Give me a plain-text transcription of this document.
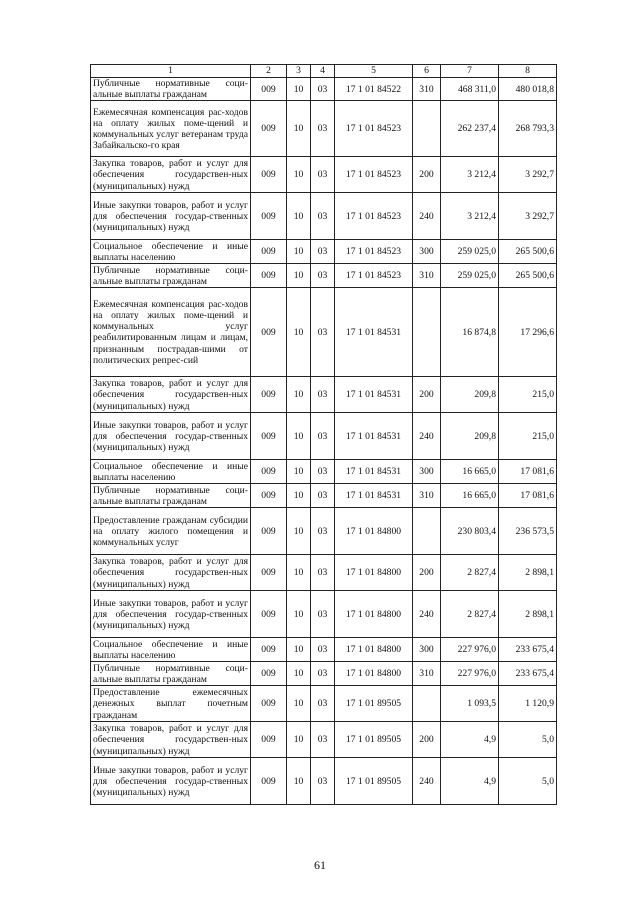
1	2	3	4	5	6	7	8
Публичные нормативные соци-альные выплаты гражданам	009	10	03	17 1 01 84522	310	468 311,0	480 018,8
Ежемесячная компенсация рас-ходов на оплату жилых поме-щений и коммунальных услуг ветеранам труда Забайкальско-го края	009	10	03	17 1 01 84523		262 237,4	268 793,3
Закупка товаров, работ и услуг для обеспечения государствен-ных (муниципальных) нужд	009	10	03	17 1 01 84523	200	3 212,4	3 292,7
Иные закупки товаров, работ и услуг для обеспечения государ-ственных (муниципальных) нужд	009	10	03	17 1 01 84523	240	3 212,4	3 292,7
Социальное обеспечение и иные выплаты населению	009	10	03	17 1 01 84523	300	259 025,0	265 500,6
Публичные нормативные соци-альные выплаты гражданам	009	10	03	17 1 01 84523	310	259 025,0	265 500,6
Ежемесячная компенсация рас-ходов на оплату жилых поме-щений и коммунальных услуг реабилитированным лицам и лицам, признанным пострадав-шими от политических репрес-сий	009	10	03	17 1 01 84531		16 874,8	17 296,6
Закупка товаров, работ и услуг для обеспечения государствен-ных (муниципальных) нужд	009	10	03	17 1 01 84531	200	209,8	215,0
Иные закупки товаров, работ и услуг для обеспечения государ-ственных (муниципальных) нужд	009	10	03	17 1 01 84531	240	209,8	215,0
Социальное обеспечение и иные выплаты населению	009	10	03	17 1 01 84531	300	16 665,0	17 081,6
Публичные нормативные соци-альные выплаты гражданам	009	10	03	17 1 01 84531	310	16 665,0	17 081,6
Предоставление гражданам субсидии на оплату жилого помещения и коммунальных услуг	009	10	03	17 1 01 84800		230 803,4	236 573,5
Закупка товаров, работ и услуг для обеспечения государствен-ных (муниципальных) нужд	009	10	03	17 1 01 84800	200	2 827,4	2 898,1
Иные закупки товаров, работ и услуг для обеспечения государ-ственных (муниципальных) нужд	009	10	03	17 1 01 84800	240	2 827,4	2 898,1
Социальное обеспечение и иные выплаты населению	009	10	03	17 1 01 84800	300	227 976,0	233 675,4
Публичные нормативные соци-альные выплаты гражданам	009	10	03	17 1 01 84800	310	227 976,0	233 675,4
Предоставление ежемесячных денежных выплат почетным гражданам	009	10	03	17 1 01 89505		1 093,5	1 120,9
Закупка товаров, работ и услуг для обеспечения государствен-ных (муниципальных) нужд	009	10	03	17 1 01 89505	200	4,9	5,0
Иные закупки товаров, работ и услуг для обеспечения государ-ственных (муниципальных) нужд	009	10	03	17 1 01 89505	240	4,9	5,0
61
